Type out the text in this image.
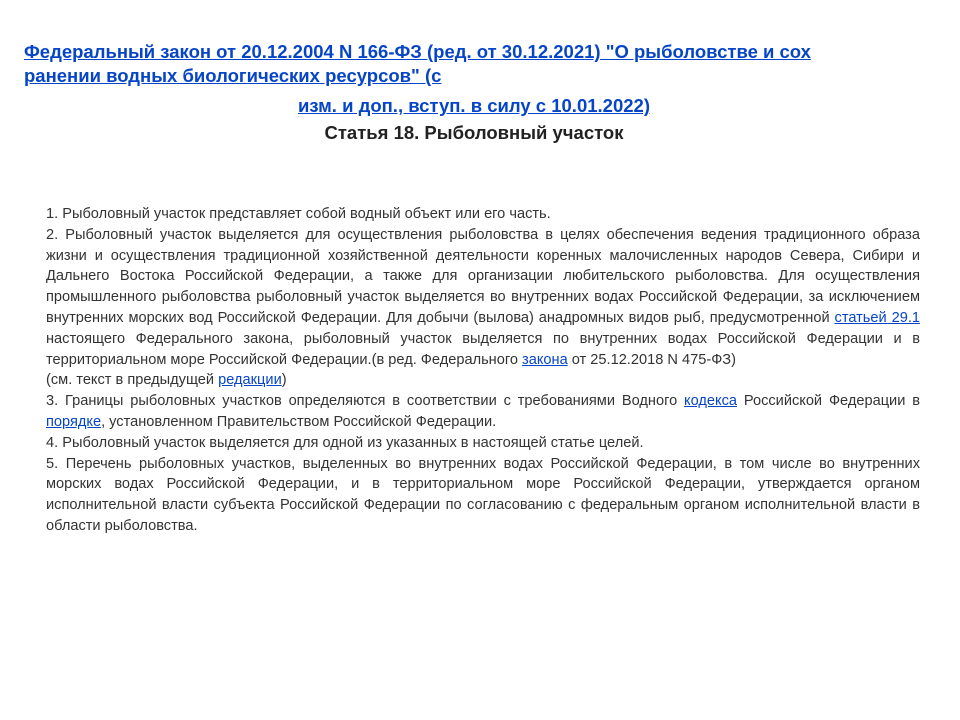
Федеральный закон от 20.12.2004 N 166-ФЗ (ред. от 30.12.2021) "О рыболовстве и сох
ранении водных биологических ресурсов" (с
изм. и доп., вступ. в силу с 10.01.2022)
Статья 18. Рыболовный участок

1. Рыболовный участок представляет собой водный объект или его часть.

2. Рыболовный участок выделяется для осуществления рыболовства в целях обеспечения ведения традиционного образа жизни и осуществления традиционной хозяйственной деятельности коренных малочисленных народов Севера, Сибири и Дальнего Востока Российской Федерации, а также для организации любительского рыболовства. Для осуществления промышленного рыболовства рыболовный участок выделяется во внутренних водах Российской Федерации, за исключением внутренних морских вод Российской Федерации. Для добычи (вылова) анадромных видов рыб, предусмотренной статьей 29.1 настоящего Федерального закона, рыболовный участок выделяется по внутренних водах Российской Федерации и в территориальном море Российской Федерации.(в ред. Федерального закона от 25.12.2018 N 475-ФЗ)

(см. текст в предыдущей редакции)

3. Границы рыболовных участков определяются в соответствии с требованиями Водного кодекса Российской Федерации в порядке, установленном Правительством Российской Федерации.

4. Рыболовный участок выделяется для одной из указанных в настоящей статье целей.

5. Перечень рыболовных участков, выделенных во внутренних водах Российской Федерации, в том числе во внутренних морских водах Российской Федерации, и в территориальном море Российской Федерации, утверждается органом исполнительной власти субъекта Российской Федерации по согласованию с федеральным органом исполнительной власти в области рыболовства.
